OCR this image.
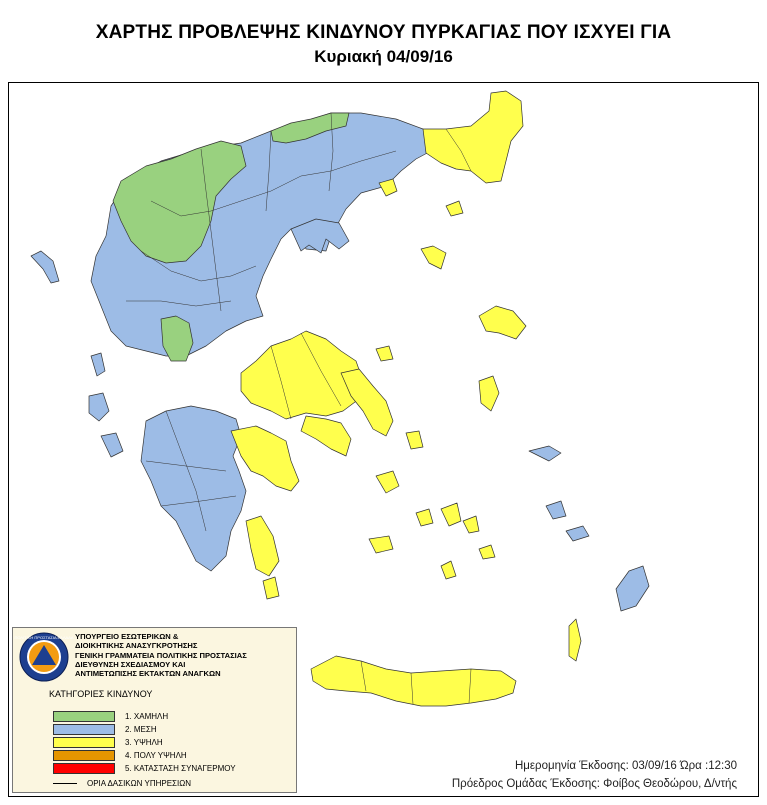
ΧΑΡΤΗΣ ΠΡΟΒΛΕΨΗΣ ΚΙΝΔΥΝΟΥ ΠΥΡΚΑΓΙΑΣ ΠΟΥ ΙΣΧΥΕΙ ΓΙΑ
Κυριακή 04/09/16
ΠΟΛΙΤΙΚΗ ΠΡΟΣΤΑΣΙΑ ΕΛΛΑΔΑ ΥΠΟΥΡΓΕΙΟ ΕΣΩΤΕΡΙΚΩΝ &
ΔΙΟΙΚΗΤΙΚΗΣ ΑΝΑΣΥΓΚΡΟΤΗΣΗΣ
ΓΕΝΙΚΗ ΓΡΑΜΜΑΤΕΙΑ ΠΟΛΙΤΙΚΗΣ ΠΡΟΣΤΑΣΙΑΣ
ΔΙΕΥΘΥΝΣΗ ΣΧΕΔΙΑΣΜΟΥ ΚΑΙ
ΑΝΤΙΜΕΤΩΠΙΣΗΣ ΕΚΤΑΚΤΩΝ ΑΝΑΓΚΩΝ
ΚΑΤΗΓΟΡΙΕΣ ΚΙΝΔΥΝΟΥ
1. ΧΑΜΗΛΗ
2. ΜΕΣΗ
3. ΥΨΗΛΗ
4. ΠΟΛΥ ΥΨΗΛΗ
5. ΚΑΤΑΣΤΑΣΗ ΣΥΝΑΓΕΡΜΟΥ
ΟΡΙΑ ΔΑΣΙΚΩΝ ΥΠΗΡΕΣΙΩΝ
Ημερομηνία Έκδοσης: 03/09/16 Ώρα :12:30
Πρόεδρος Ομάδας Έκδοσης: Φοίβος Θεοδώρου, Δ/ντής
